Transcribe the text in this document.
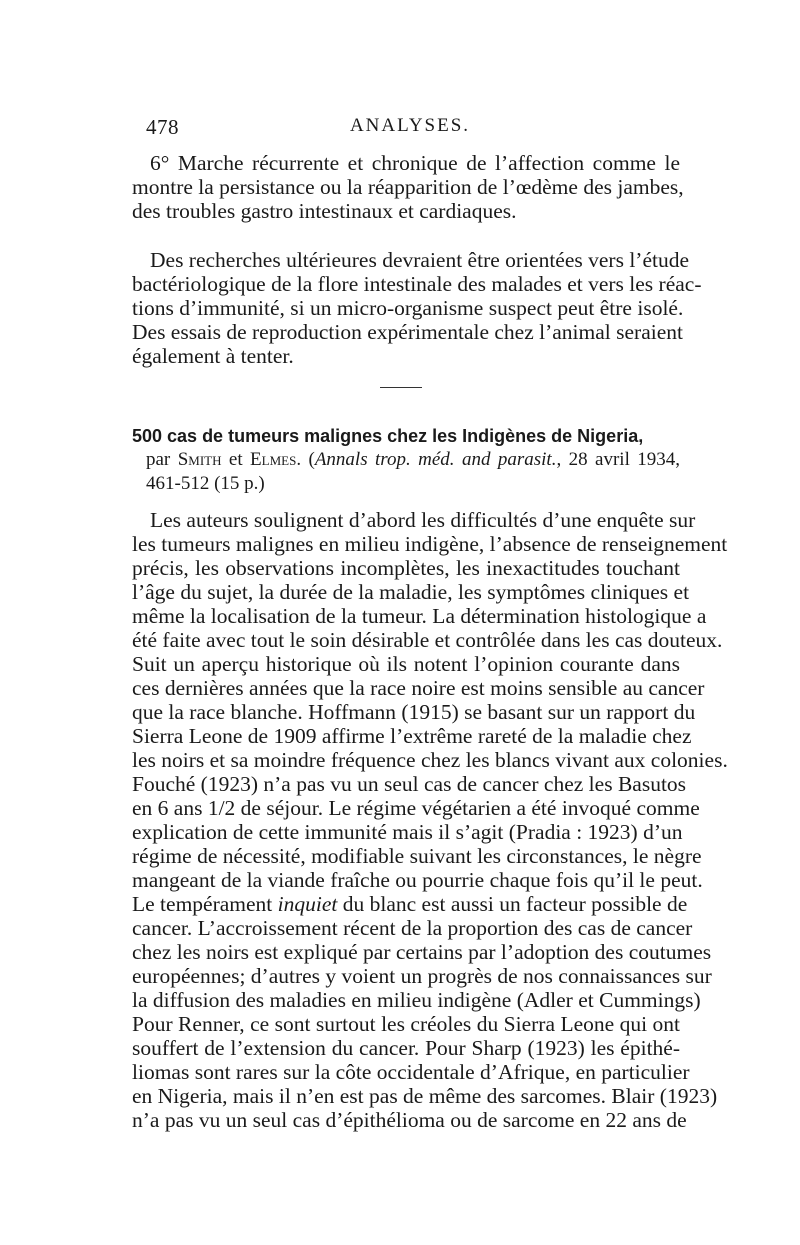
478	ANALYSES.
6° Marche récurrente et chronique de l’affection comme le
montre la persistance ou la réapparition de l’œdème des jambes,
des troubles gastro intestinaux et cardiaques.
Des recherches ultérieures devraient être orientées vers l’étude
bactériologique de la flore intestinale des malades et vers les réac-
tions d’immunité, si un micro-organisme suspect peut être isolé.
Des essais de reproduction expérimentale chez l’animal seraient
également à tenter.
500 cas de tumeurs malignes chez les Indigènes de Nigeria,
par Smith et Elmes. (Annals trop. méd. and parasit., 28 avril 1934,
461-512 (15 p.)
Les auteurs soulignent d’abord les difficultés d’une enquête sur
les tumeurs malignes en milieu indigène, l’absence de renseignement
précis, les observations incomplètes, les inexactitudes touchant
l’âge du sujet, la durée de la maladie, les symptômes cliniques et
même la localisation de la tumeur. La détermination histologique a
été faite avec tout le soin désirable et contrôlée dans les cas douteux.
Suit un aperçu historique où ils notent l’opinion courante dans
ces dernières années que la race noire est moins sensible au cancer
que la race blanche. Hoffmann (1915) se basant sur un rapport du
Sierra Leone de 1909 affirme l’extrême rareté de la maladie chez
les noirs et sa moindre fréquence chez les blancs vivant aux colonies.
Fouché (1923) n’a pas vu un seul cas de cancer chez les Basutos
en 6 ans 1/2 de séjour. Le régime végétarien a été invoqué comme
explication de cette immunité mais il s’agit (Pradia : 1923) d’un
régime de nécessité, modifiable suivant les circonstances, le nègre
mangeant de la viande fraîche ou pourrie chaque fois qu’il le peut.
Le tempérament inquiet du blanc est aussi un facteur possible de
cancer. L’accroissement récent de la proportion des cas de cancer
chez les noirs est expliqué par certains par l’adoption des coutumes
européennes; d’autres y voient un progrès de nos connaissances sur
la diffusion des maladies en milieu indigène (Adler et Cummings)
Pour Renner, ce sont surtout les créoles du Sierra Leone qui ont
souffert de l’extension du cancer. Pour Sharp (1923) les épithé-
liomas sont rares sur la côte occidentale d’Afrique, en particulier
en Nigeria, mais il n’en est pas de même des sarcomes. Blair (1923)
n’a pas vu un seul cas d’épithélioma ou de sarcome en 22 ans de
